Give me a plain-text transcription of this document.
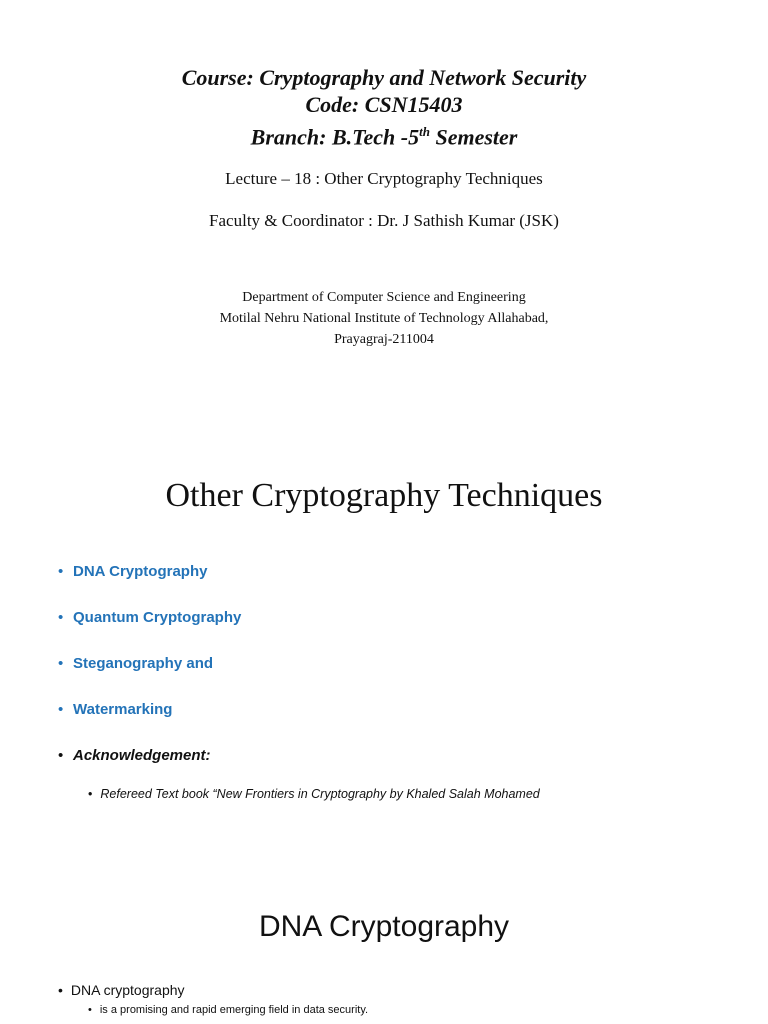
Course: Cryptography and Network Security
Code: CSN15403
Branch: B.Tech -5th Semester
Lecture – 18 : Other Cryptography Techniques
Faculty & Coordinator : Dr. J Sathish Kumar (JSK)
Department of Computer Science and Engineering
Motilal Nehru National Institute of Technology Allahabad,
Prayagraj-211004
Other Cryptography Techniques
• DNA Cryptography
• Quantum Cryptography
• Steganography and
• Watermarking
• Acknowledgement:
• Refereed Text book “New Frontiers in Cryptography by Khaled Salah Mohamed
DNA Cryptography
• DNA cryptography
• is a promising and rapid emerging field in data security.
